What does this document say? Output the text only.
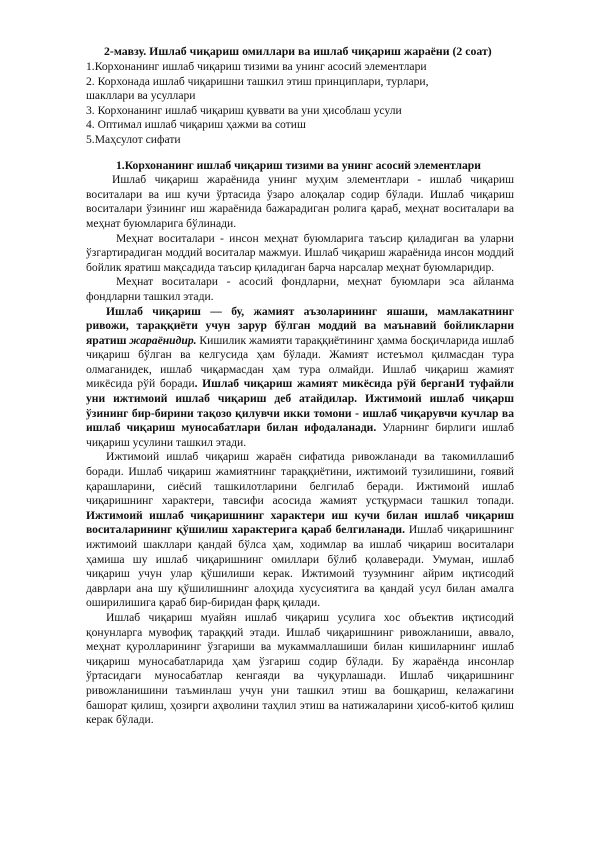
2-мавзу. Ишлаб чиқариш омиллари ва ишлаб чиқариш жараёни (2 соат)
1.Корхонанинг ишлаб чиқариш тизими ва унинг асосий элементлари
2. Корхонада ишлаб чиқаришни ташкил этиш принциплари, турлари,
шакллари ва усуллари
3. Корхонанинг ишлаб чиқариш қуввати ва уни ҳисоблаш усули
4. Оптимал ишлаб чиқариш ҳажми ва сотиш
5.Маҳсулот сифати
1.Корхонанинг ишлаб чиқариш тизими ва унинг асосий элементлари

Ишлаб чиқариш жараёнида унинг муҳим элементлари - ишлаб чиқариш воситалари ва иш кучи ўртасида ўзаро алоқалар содир бўлади. Ишлаб чиқариш воситалари ўзининг иш жараёнида бажарадиган ролига қараб, меҳнат воситалари ва меҳнат буюмларига бўлинади.

Меҳнат воситалари - инсон меҳнат буюмларига таъсир қиладиган ва уларни ўзгартирадиган моддий воситалар мажмуи. Ишлаб чиқариш жараёнида инсон моддий бойлик яратиш мақсадида таъсир қиладиган барча нарсалар меҳнат буюмларидир.

Меҳнат воситалари - асосий фондларни, меҳнат буюмлари эса айланма фондларни ташкил этади.

Ишлаб чиқариш — бу, жамият аъзоларининг яшаши, мамлакатнинг ривожи, тараққиёти учун зарур бўлган моддий ва маънавий бойликларни яратиш жараёнидир. Кишилик жамияти тараққиётининг ҳамма босқичларида ишлаб чиқариш бўлган ва келгусида ҳам бўлади. Жамият истеъмол қилмасдан тура олмаганидек, ишлаб чиқармасдан ҳам тура олмайди. Ишлаб чиқариш жамият микёсида рўй боради. Ишлаб чиқариш жамият микёсида рўй берганИ туфайли уни ижтимоий ишлаб чиқариш деб атайдилар. Ижтимоий ишлаб чиқарш ўзининг бир-бирини тақозо қилувчи икки томони - ишлаб чиқарувчи кучлар ва ишлаб чиқариш муносабатлари билан ифодаланади. Уларнинг бирлиги ишлаб чиқариш усулини ташкил этади.

Ижтимоий ишлаб чиқариш жараён сифатида ривожланади ва такомиллашиб боради. Ишлаб чиқариш жамиятнинг тараққиётини, ижтимоий тузилишини, гоявий қарашларини, сиёсий ташкилотларини белгилаб беради. Ижтимоий ишлаб чиқаришнинг характери, тавсифи асосида жамият устқурмаси ташкил топади. Ижтимоий ишлаб чиқаришнинг характери иш кучи билан ишлаб чиқариш воситаларининг қўшилиш характерига қараб белгиланади. Ишлаб чиқаришнинг ижтимоий шакллари қандай бўлса ҳам, ходимлар ва ишлаб чиқариш воситалари ҳамиша шу ишлаб чиқаришнинг омиллари бўлиб қолаверади. Умуман, ишлаб чиқариш учун улар қўшилиши керак. Ижтимоий тузумнинг айрим иқтисодий даврлари ана шу қўшилишнинг алоҳида хусусиятига ва қандай усул билан амалга оширилишига қараб бир-биридан фарқ қилади.

Ишлаб чиқариш муайян ишлаб чиқариш усулига хос объектив иқтисодий қонунларга мувофиқ тараққий этади. Ишлаб чиқаришнинг ривожланиши, аввало, меҳнат қуролларининг ўзгариши ва мукаммаллашиши билан кишиларнинг ишлаб чиқариш муносабатларида ҳам ўзгариш содир бўлади. Бу жараёнда инсонлар ўртасидаги муносабатлар кенгаяди ва чуқурлашади. Ишлаб чиқаришнинг ривожланишини таъминлаш учун уни ташкил этиш ва бошқариш, келажагини башорат қилиш, ҳозирги аҳволини таҳлил этиш ва натижаларини ҳисоб-китоб қилиш керак бўлади.
